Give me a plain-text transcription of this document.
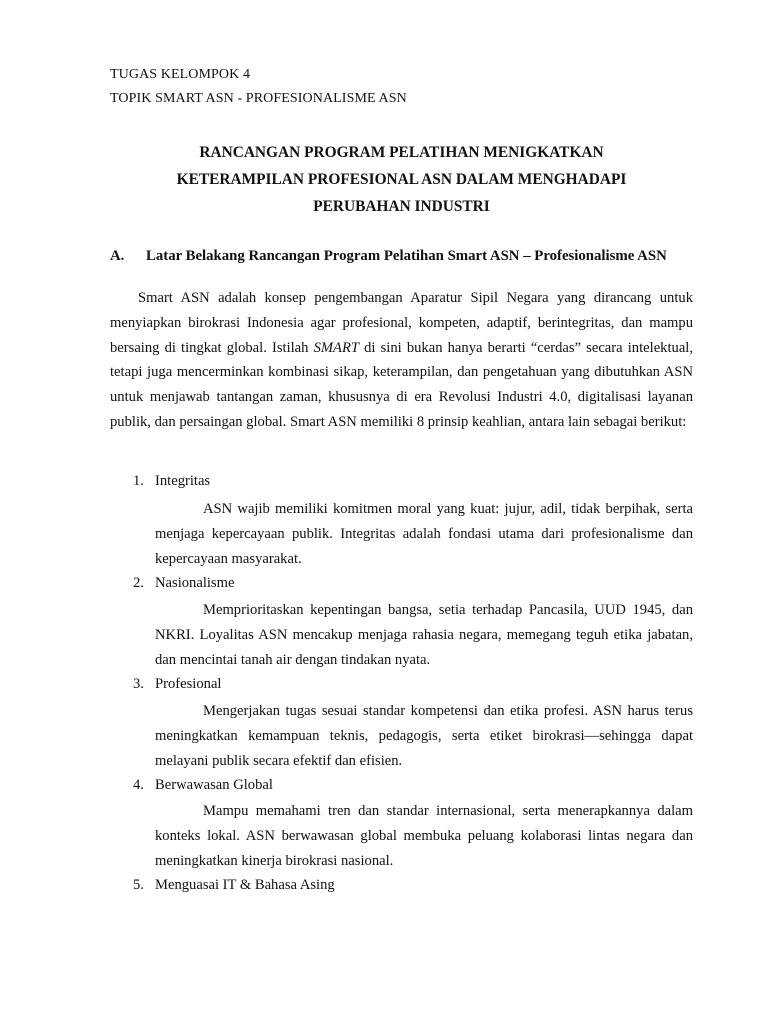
TUGAS KELOMPOK 4
TOPIK SMART ASN - PROFESIONALISME ASN
RANCANGAN PROGRAM PELATIHAN MENIGKATKAN
KETERAMPILAN PROFESIONAL ASN DALAM MENGHADAPI
PERUBAHAN INDUSTRI
A. Latar Belakang Rancangan Program Pelatihan Smart ASN – Profesionalisme ASN

Smart ASN adalah konsep pengembangan Aparatur Sipil Negara yang dirancang untuk menyiapkan birokrasi Indonesia agar profesional, kompeten, adaptif, berintegritas, dan mampu bersaing di tingkat global. Istilah SMART di sini bukan hanya berarti “cerdas” secara intelektual, tetapi juga mencerminkan kombinasi sikap, keterampilan, dan pengetahuan yang dibutuhkan ASN untuk menjawab tantangan zaman, khususnya di era Revolusi Industri 4.0, digitalisasi layanan publik, dan persaingan global. Smart ASN memiliki 8 prinsip keahlian, antara lain sebagai berikut:

1. Integritas

ASN wajib memiliki komitmen moral yang kuat: jujur, adil, tidak berpihak, serta menjaga kepercayaan publik. Integritas adalah fondasi utama dari profesionalisme dan kepercayaan masyarakat.

2. Nasionalisme

Memprioritaskan kepentingan bangsa, setia terhadap Pancasila, UUD 1945, dan NKRI. Loyalitas ASN mencakup menjaga rahasia negara, memegang teguh etika jabatan, dan mencintai tanah air dengan tindakan nyata.

3. Profesional

Mengerjakan tugas sesuai standar kompetensi dan etika profesi. ASN harus terus meningkatkan kemampuan teknis, pedagogis, serta etiket birokrasi—sehingga dapat melayani publik secara efektif dan efisien.

4. Berwawasan Global

Mampu memahami tren dan standar internasional, serta menerapkannya dalam konteks lokal. ASN berwawasan global membuka peluang kolaborasi lintas negara dan meningkatkan kinerja birokrasi nasional.

5. Menguasai IT & Bahasa Asing
